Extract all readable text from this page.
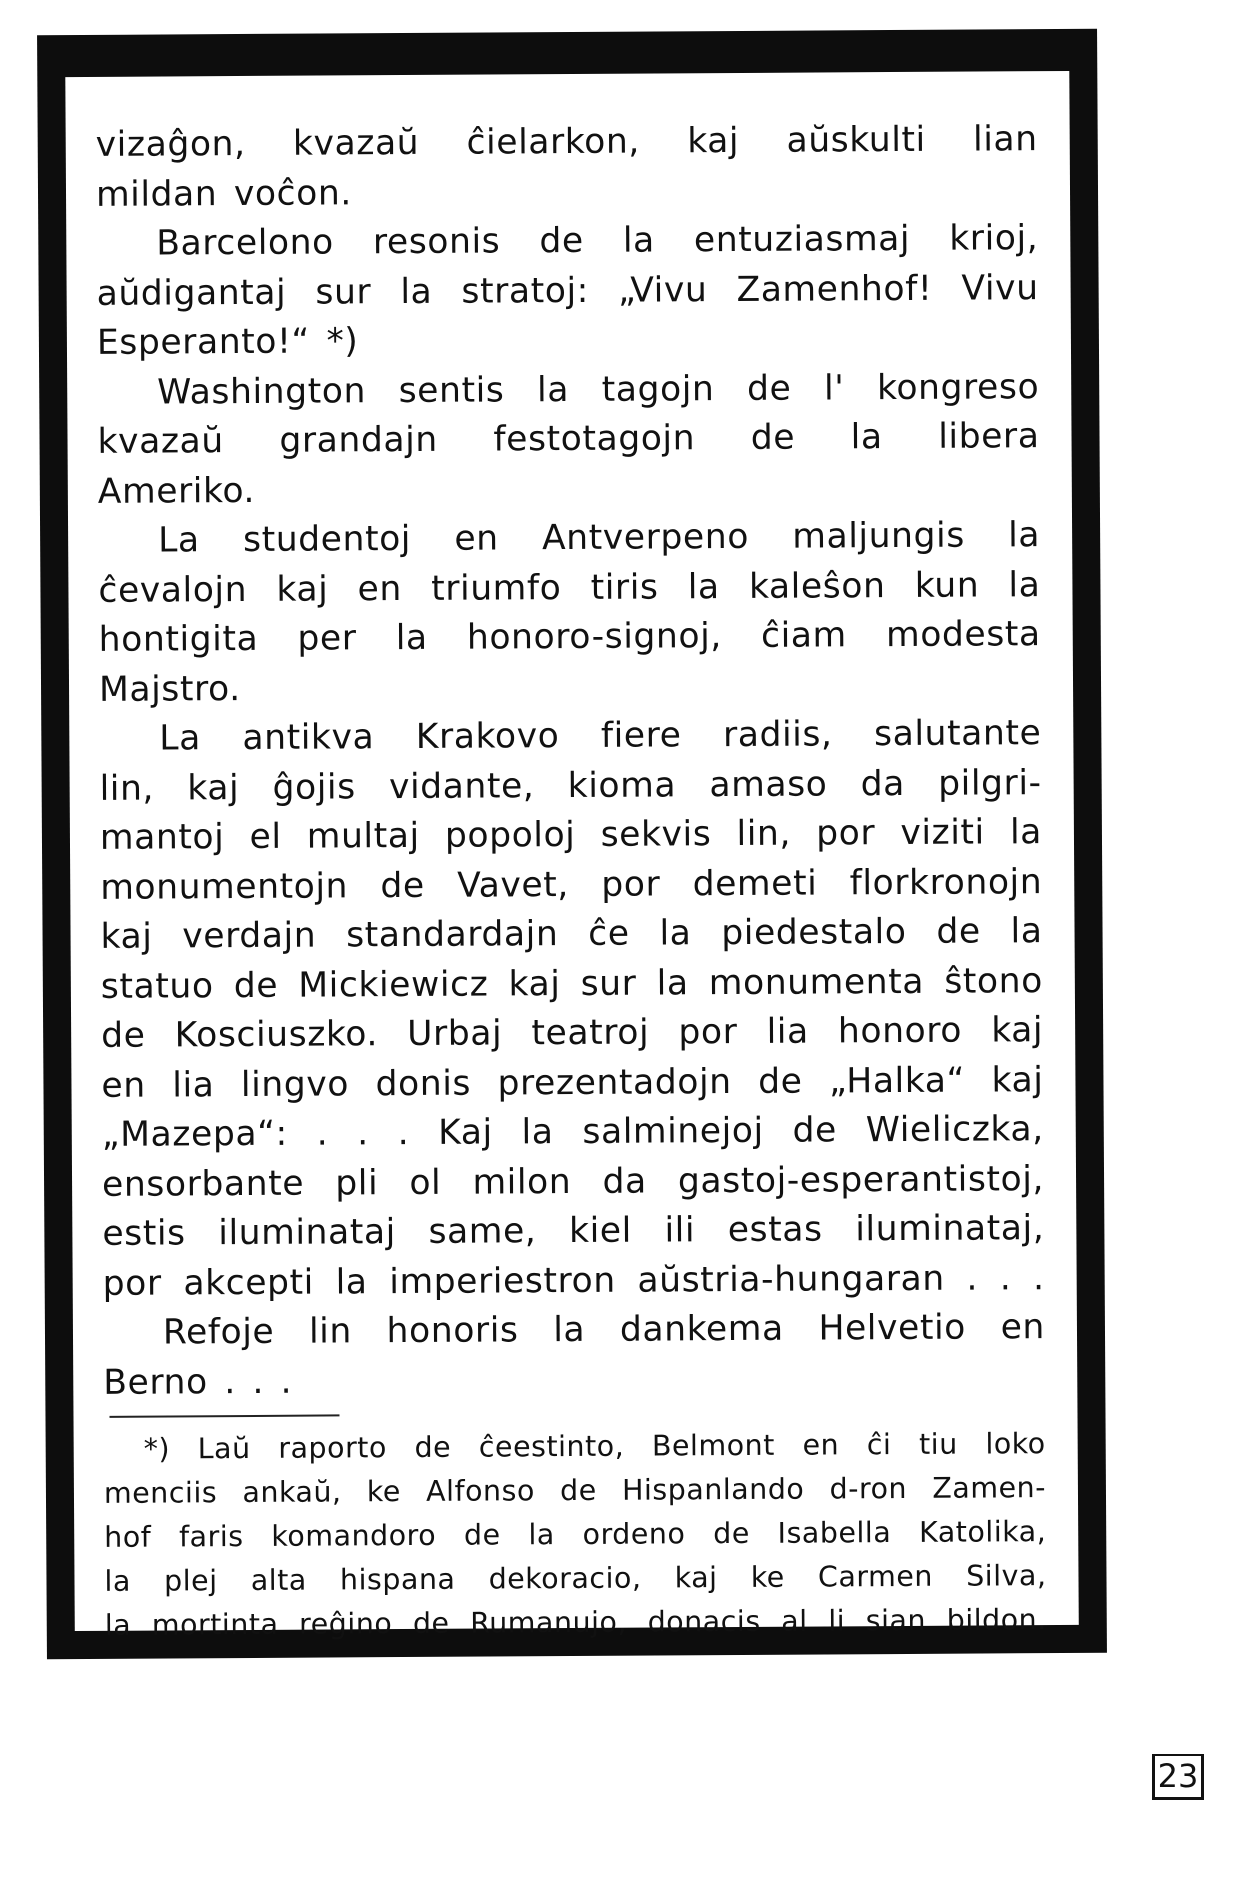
vizaĝon, kvazaŭ ĉielarkon, kaj aŭskulti lian
mildan voĉon.
Barcelono resonis de la entuziasmaj krioj,
aŭdigantaj sur la stratoj: „Vivu Zamenhof! Vivu
Esperanto!“ *)
Washington sentis la tagojn de l' kongreso
kvazaŭ grandajn festotagojn de la libera
Ameriko.
La studentoj en Antverpeno maljungis la
ĉevalojn kaj en triumfo tiris la kaleŝon kun la
hontigita per la honoro-signoj, ĉiam modesta
Majstro.
La antikva Krakovo fiere radiis, salutante
lin, kaj ĝojis vidante, kioma amaso da pilgri-
mantoj el multaj popoloj sekvis lin, por viziti la
monumentojn de Vavet, por demeti florkronojn
kaj verdajn standardajn ĉe la piedestalo de la
statuo de Mickiewicz kaj sur la monumenta ŝtono
de Kosciuszko. Urbaj teatroj por lia honoro kaj
en lia lingvo donis prezentadojn de „Halka“ kaj
„Mazepa“: . . . Kaj la salminejoj de Wieliczka,
ensorbante pli ol milon da gastoj-esperantistoj,
estis iluminataj same, kiel ili estas iluminataj,
por akcepti la imperiestron aŭstria-hungaran . . .
Refoje lin honoris la dankema Helvetio en
Berno . . .
*) Laŭ raporto de ĉeestinto, Belmont en ĉi tiu loko
menciis ankaŭ, ke Alfonso de Hispanlando d-ron Zamen-
hof faris komandoro de la ordeno de Isabella Katolika,
la plej alta hispana dekoracio, kaj ke Carmen Silva,
la mortinta reĝino de Rumanujo, donacis al li sian bildon.
23
